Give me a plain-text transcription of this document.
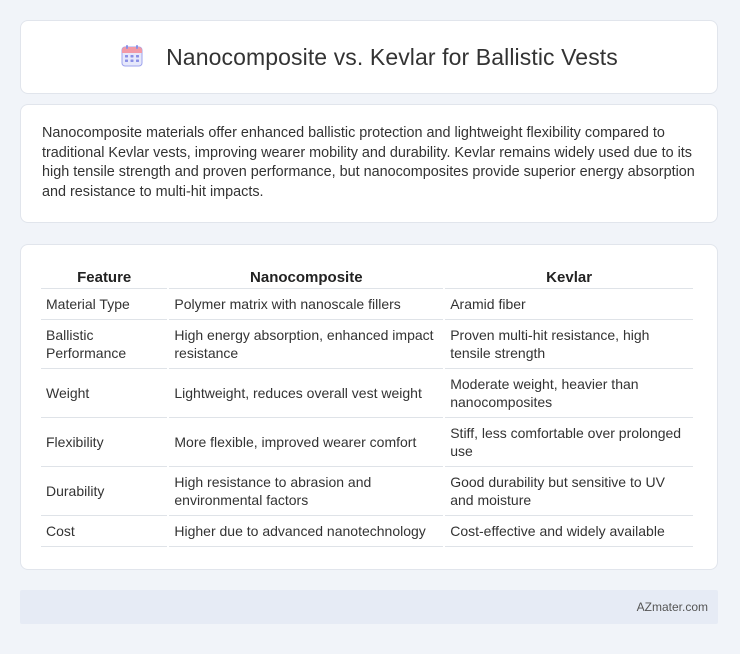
Nanocomposite vs. Kevlar for Ballistic Vests

Nanocomposite materials offer enhanced ballistic protection and lightweight flexibility compared to traditional Kevlar vests, improving wearer mobility and durability. Kevlar remains widely used due to its high tensile strength and proven performance, but nanocomposites provide superior energy absorption and resistance to multi-hit impacts.

Feature	Nanocomposite	Kevlar
Material Type	Polymer matrix with nanoscale fillers	Aramid fiber
Ballistic Performance	High energy absorption, enhanced impact resistance	Proven multi-hit resistance, high tensile strength
Weight	Lightweight, reduces overall vest weight	Moderate weight, heavier than nanocomposites
Flexibility	More flexible, improved wearer comfort	Stiff, less comfortable over prolonged use
Durability	High resistance to abrasion and environmental factors	Good durability but sensitive to UV and moisture
Cost	Higher due to advanced nanotechnology	Cost-effective and widely available
AZmater.com
